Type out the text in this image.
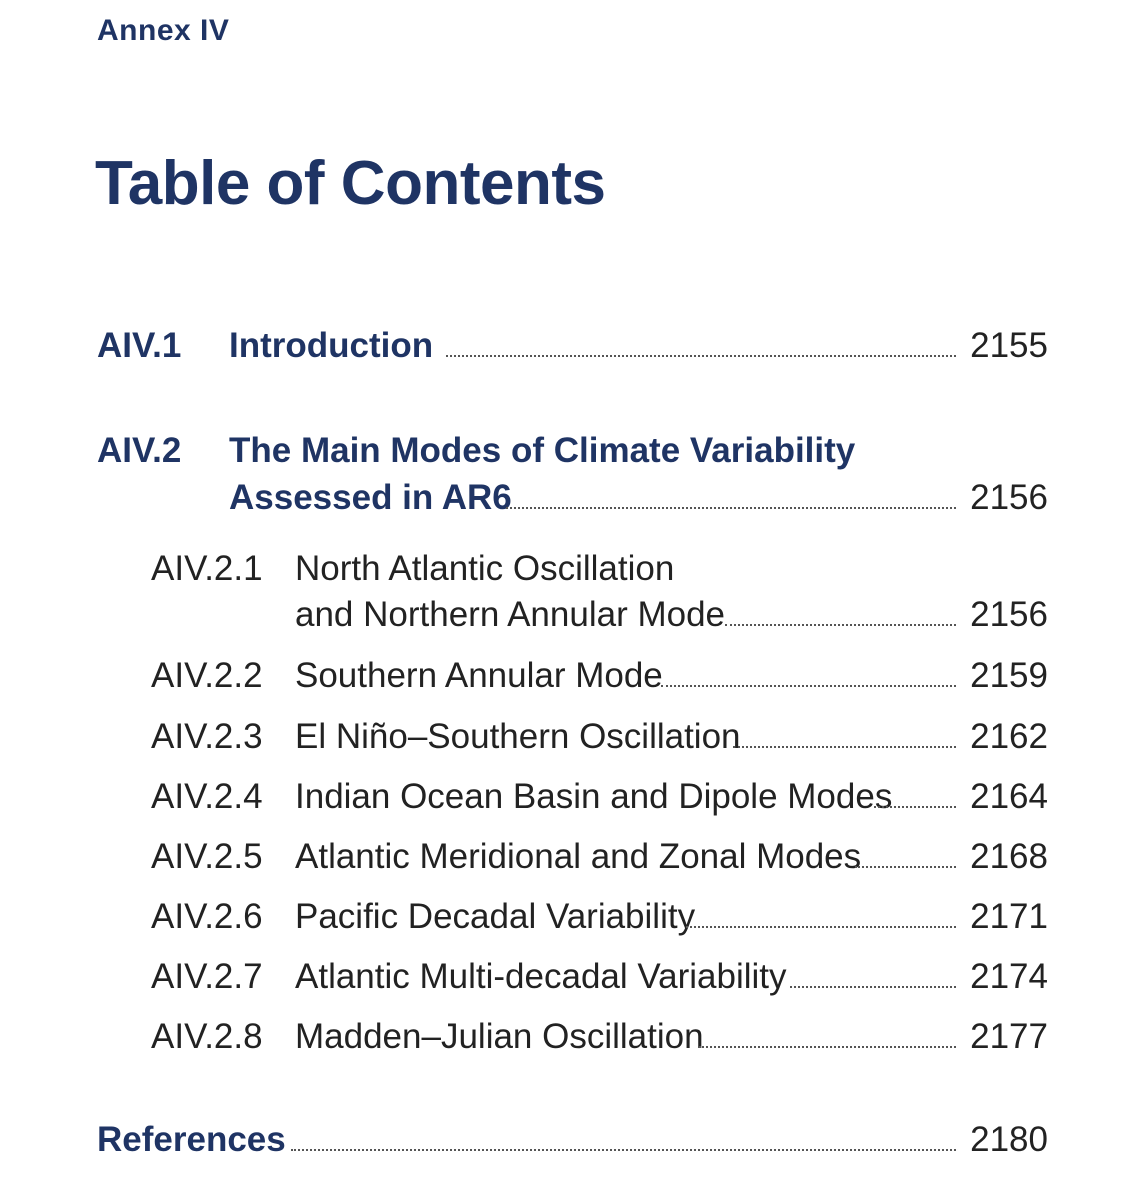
Annex IV
Table of Contents
AIV.1 Introduction	2155
AIV.2 The Main Modes of Climate Variability
Assessed in AR6	2156
AIV.2.1 North Atlantic Oscillation
and Northern Annular Mode	2156
AIV.2.2 Southern Annular Mode	2159
AIV.2.3 El Niño–Southern Oscillation	2162
AIV.2.4 Indian Ocean Basin and Dipole Modes 2164
AIV.2.5 Atlantic Meridional and Zonal Modes	2168
AIV.2.6 Pacific Decadal Variability	2171
AIV.2.7 Atlantic Multi-decadal Variability	2174
AIV.2.8 Madden–Julian Oscillation	2177
References	2180
